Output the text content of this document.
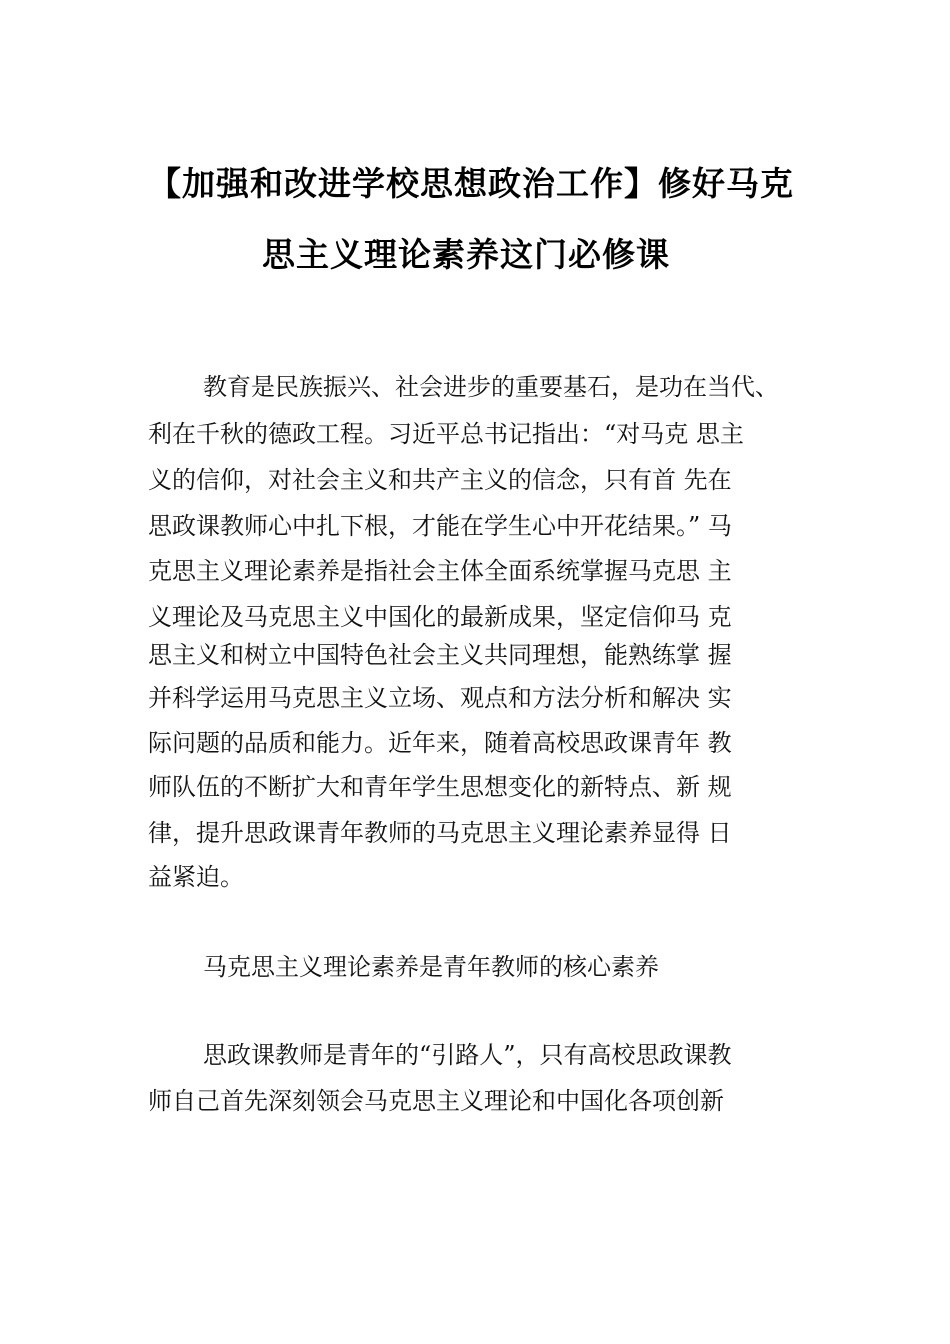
【加强和改进学校思想政治工作】修好马克
思主义理论素养这门必修课
教育是民族振兴、社会进步的重要基石，是功在当代、
利在千秋的德政工程。习近平总书记指出：“对马克 思主
义的信仰，对社会主义和共产主义的信念，只有首 先在
思政课教师心中扎下根，才能在学生心中开花结果。” 马
克思主义理论素养是指社会主体全面系统掌握马克思 主
义理论及马克思主义中国化的最新成果，坚定信仰马 克
思主义和树立中国特色社会主义共同理想，能熟练掌 握
并科学运用马克思主义立场、观点和方法分析和解决 实
际问题的品质和能力。近年来，随着高校思政课青年 教
师队伍的不断扩大和青年学生思想变化的新特点、新 规
律，提升思政课青年教师的马克思主义理论素养显得 日
益紧迫。
马克思主义理论素养是青年教师的核心素养
思政课教师是青年的“引路人”，只有高校思政课教
师自己首先深刻领会马克思主义理论和中国化各项创新
